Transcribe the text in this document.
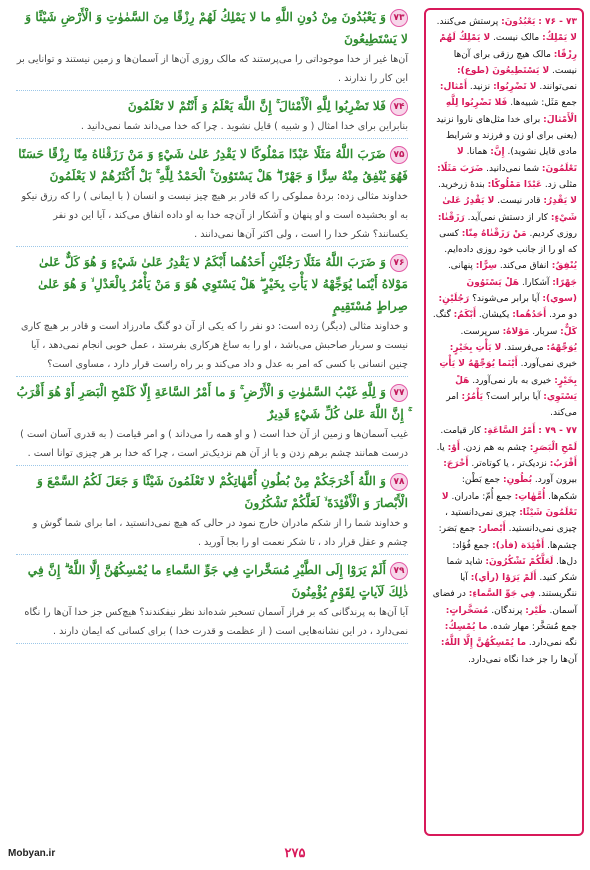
۷۳وَ يَعْبُدُونَ مِنْ دُونِ اللَّهِ ما لا يَمْلِكُ لَهُمْ رِزْقًا مِنَ السَّمٰوٰتِ وَ الْأَرْضِ شَيْئًا وَ لا يَسْتَطِيعُونَ
آن‌ها غیر از خدا موجوداتی را می‌پرستند که مالک روزی آن‌ها از آسمان‌ها و زمین نیستند و توانایی بر این کار را ندارند .
۷۴فَلا تَضْرِبُوا لِلَّهِ الْأَمْثالَ ۚ إِنَّ اللَّهَ يَعْلَمُ وَ أَنْتُمْ لا تَعْلَمُونَ
بنابراین برای خدا امثال ( و شبیه ) قایل نشوید . چرا که خدا می‌داند شما نمی‌دانید .
۷۵ضَرَبَ اللَّهُ مَثَلًا عَبْدًا مَمْلُوكًا لا يَقْدِرُ عَلىٰ شَيْءٍ وَ مَنْ رَزَقْنٰاهُ مِنّا رِزْقًا حَسَنًا فَهُوَ يُنْفِقُ مِنْهُ سِرًّا وَ جَهْرًا ۖ هَلْ يَسْتَوُونَ ۚ الْحَمْدُ لِلَّهِ ۚ بَلْ أَكْثَرُهُمْ لا يَعْلَمُونَ
خداوند مثالی زده: بردهٔ مملوکی را که قادر بر هیچ چیز نیست و انسان ( با ایمانی ) را که رزق نیکو به او بخشیده است و او پنهان و آشکار از آن‌چه خدا به او داده انفاق می‌کند ، آیا این دو نفر یکسانند؟ شکر خدا را است ، ولی اکثر آن‌ها نمی‌دانند .
۷۶وَ ضَرَبَ اللَّهُ مَثَلًا رَجُلَيْنِ أَحَدُهُما أَبْكَمُ لا يَقْدِرُ عَلىٰ شَيْءٍ وَ هُوَ كَلٌّ عَلىٰ مَوْلاهُ أَيْنَما يُوَجِّهْهُ لا يَأْتِ بِخَيْرٍ ۖ هَلْ يَسْتَوِي هُوَ وَ مَنْ يَأْمُرُ بِالْعَدْلِ ۙ وَ هُوَ عَلىٰ صِراطٍ مُسْتَقِيمٍ
و خداوند مثالی (دیگر) زده است: دو نفر را که یکی از آن دو گنگ مادرزاد است و قادر بر هیچ کاری نیست و سربار صاحبش می‌باشد ، او را به ساغ هرکاری بفرستد ، عمل خوبی انجام نمی‌دهد ، آیا چنین انسانی با کسی که امر به عدل و داد می‌کند و بر راه راست قرار دارد ، مساوی است؟
۷۷وَ لِلَّهِ غَيْبُ السَّمٰوٰتِ وَ الْأَرْضِ ۚ وَ ما أَمْرُ السَّاعَةِ إِلّا كَلَمْحِ الْبَصَرِ أَوْ هُوَ أَقْرَبُ ۚ إِنَّ اللَّهَ عَلىٰ كُلِّ شَيْءٍ قَدِيرٌ
غیب آسمان‌ها و زمین از آن خدا است ( و او همه را می‌داند ) و امر قیامت ( به قدری آسان است ) درست همانند چشم برهم زدن و یا از آن هم نزدیک‌تر است ، چرا که خدا بر هر چیزی توانا است .
۷۸وَ اللَّهُ أَخْرَجَكُمْ مِنْ بُطُونِ أُمَّهٰاتِكُمْ لا تَعْلَمُونَ شَيْئًا وَ جَعَلَ لَكُمُ السَّمْعَ وَ الْأَبْصارَ وَ الْأَفْئِدَةَ ۙ لَعَلَّكُمْ تَشْكُرُونَ
و خداوند شما را از شکم مادران خارج نمود در حالی که هیچ نمی‌دانستید ، اما برای شما گوش و چشم و عقل قرار داد ، تا شکر نعمت او را بجا آورید .
۷۹أَلَمْ يَرَوْا إِلَى الطَّيْرِ مُسَخَّراتٍ فِي جَوِّ السَّماءِ ما يُمْسِكُهُنَّ إِلَّا اللَّهُ ۗ إِنَّ فِي ذٰلِكَ لَآياتٍ لِقَوْمٍ يُؤْمِنُونَ
آیا آن‌ها به پرندگانی که بر فراز آسمان تسخیر شده‌اند نظر نیفکندند؟ هیچ‌کس جز خدا آن‌ها را نگاه نمی‌دارد ، در این نشانه‌هایی است ( از عظمت و قدرت خدا ) برای کسانی که ایمان دارند .
۷۳ - ۷۶ : يَعْبُدُونَ: پرستش می‌کنند. لا يَمْلِكُ: مالک نیست. لا يَمْلِكُ لَهُمْ رِزْقًا: مالک هیچ رزقی برای آن‌ها نیست. لا يَسْتَطِيعُونَ (طوع): نمی‌توانند. لا تَضْرِبُوا: نزنید. أَمْثال: جمع مَثَل: شبیه‌ها. فَلا تَضْرِبُوا لِلَّهِ الْأَمْثالَ: برای خدا مثل‌های ناروا نزنید (یعنی برای او زن و فرزند و شرایط مادی قایل نشوید). إِنَّ: همانا. لا تَعْلَمُونَ: شما نمی‌دانید. ضَرَبَ مَثَلًا: مثلی زد. عَبْدًا مَمْلُوكًا: بندهٔ زرخرید. لا يَقْدِرُ: قادر نیست. لا يَقْدِرُ عَلىٰ شَيْءٍ: کار از دستش نمی‌آید. رَزَقْنٰا: روزی کردیم. مَنْ رَزَقْنٰاهُ مِنّا: کسی که او را از جانب خود روزی داده‌ایم. يُنْفِقُ: انفاق می‌کند. سِرًّا: پنهانی. جَهْرًا: آشکارا. هَلْ يَسْتَوُونَ (سوي): آیا برابر می‌شوند؟ رَجُلَيْنِ: دو مرد. أَحَدُهُما: یکیشان. أَبْكَمُ: گنگ. كَلٌّ: سربار. مَوْلاهُ: سرپرست. يُوَجِّهْهُ: می‌فرستد. لا يَأْتِ بِخَيْرٍ: خیری نمی‌آورد. أَيْنَما يُوَجِّهْهُ لا يَأْتِ بِخَيْرٍ: خیری به بار نمی‌آورد. هَلْ يَسْتَوِي: آیا برابر است؟ يَأْمُرُ: امر می‌کند.
۷۷ - ۷۹ : أَمْرُ السَّاعَةِ: کار قیامت. لَمْحِ الْبَصَرِ: چشم به هم زدن. أَوْ: یا. أَقْرَبُ: نزدیک‌تر ، یا کوتاه‌تر. أَخْرَجَ: بیرون آورد. بُطُونِ: جمع بَطْن: شکم‌ها. أُمَّهٰاتِ: جمع أُمّ: مادران. لا تَعْلَمُونَ شَيْئًا: چیزی نمی‌دانستید ، چیزی نمی‌دانستید. أَبْصار: جمع بَصَر: چشم‌ها. أَفْئِدَة (فأد): جمع فُؤاد: دل‌ها. لَعَلَّكُمْ تَشْكُرُونَ: شاید شما شکر کنید. أَلَمْ يَرَوْا (رأي): آیا ننگریستند. فِي جَوِّ السَّماءِ: در فضای آسمان. طَيْر: پرندگان. مُسَخَّراتٍ: جمع مُسَخَّر: مهار شده. ما يُمْسِكُ: نگه نمی‌دارد. ما يُمْسِكُهُنَّ إِلَّا اللَّهُ: آن‌ها را جز خدا نگاه نمی‌دارد.
۲۷۵
Mobyan.ir
